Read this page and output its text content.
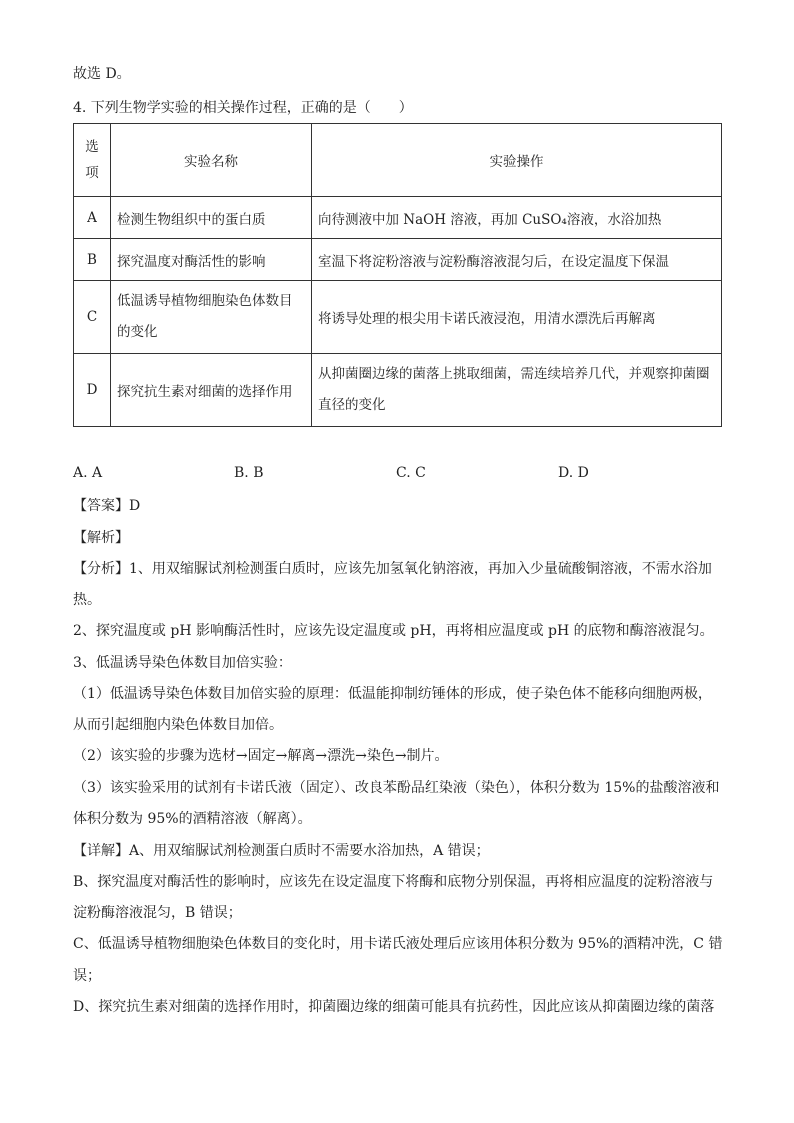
故选 D。
4. 下列生物学实验的相关操作过程，正确的是（　　）
选
项	实验名称	实验操作
A	检测生物组织中的蛋白质	向待测液中加 NaOH 溶液，再加 CuSO₄溶液，水浴加热
B	探究温度对酶活性的影响	室温下将淀粉溶液与淀粉酶溶液混匀后，在设定温度下保温
C	低温诱导植物细胞染色体数目的变化	将诱导处理的根尖用卡诺氏液浸泡，用清水漂洗后再解离
D	探究抗生素对细菌的选择作用	从抑菌圈边缘的菌落上挑取细菌，需连续培养几代，并观察抑菌圈直径的变化
A. A	B. B	C. C	D. D
【答案】D
【解析】
【分析】1、用双缩脲试剂检测蛋白质时，应该先加氢氧化钠溶液，再加入少量硫酸铜溶液，不需水浴加
热。
2、探究温度或 pH 影响酶活性时，应该先设定温度或 pH，再将相应温度或 pH 的底物和酶溶液混匀。
3、低温诱导染色体数目加倍实验：
（1）低温诱导染色体数目加倍实验的原理：低温能抑制纺锤体的形成，使子染色体不能移向细胞两极，
从而引起细胞内染色体数目加倍。
（2）该实验的步骤为选材→固定→解离→漂洗→染色→制片。
（3）该实验采用的试剂有卡诺氏液（固定）、改良苯酚品红染液（染色），体积分数为 15%的盐酸溶液和
体积分数为 95%的酒精溶液（解离）。
【详解】A、用双缩脲试剂检测蛋白质时不需要水浴加热，A 错误；
B、探究温度对酶活性的影响时，应该先在设定温度下将酶和底物分别保温，再将相应温度的淀粉溶液与
淀粉酶溶液混匀，B 错误；
C、低温诱导植物细胞染色体数目的变化时，用卡诺氏液处理后应该用体积分数为 95%的酒精冲洗，C 错
误；
D、探究抗生素对细菌的选择作用时，抑菌圈边缘的细菌可能具有抗药性，因此应该从抑菌圈边缘的菌落
